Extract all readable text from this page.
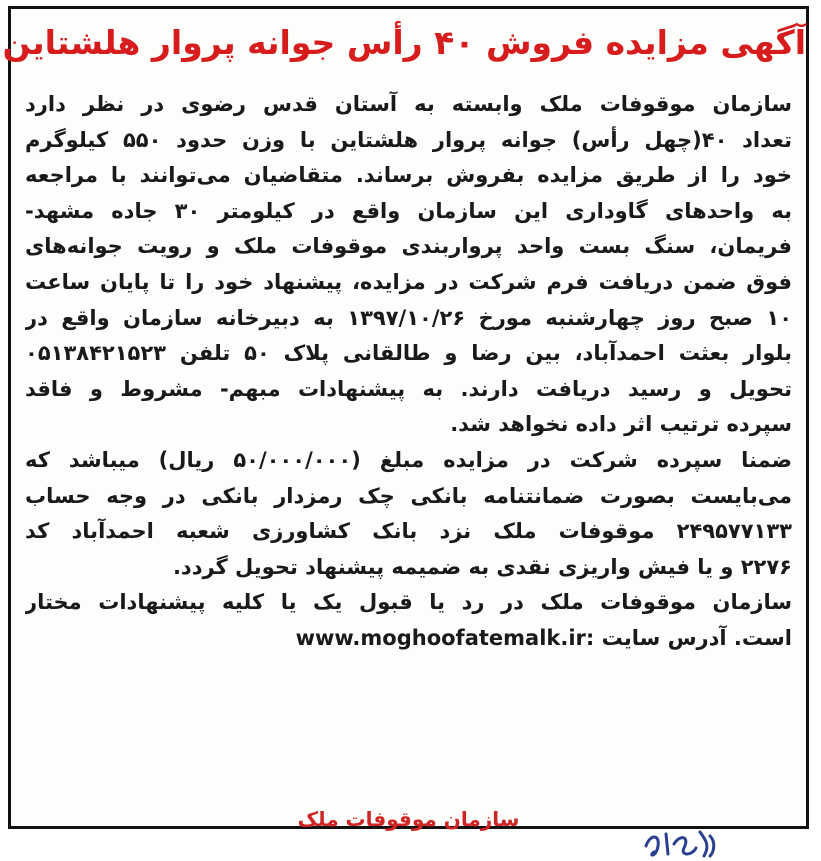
آگهی مزایده فروش ۴۰ رأس جوانه پروار هلشتاین
سازمان موقوفات ملک وابسته به آستان قدس رضوی در نظر دارد
تعداد ۴۰(چهل رأس) جوانه پروار هلشتاین با وزن حدود ۵۵۰ کیلوگرم
خود را از طریق مزایده بفروش برساند. متقاضیان می‌توانند با مراجعه
به واحدهای گاوداری این سازمان واقع در کیلومتر ۳۰ جاده مشهد-
فریمان، سنگ بست واحد پرواربندی موقوفات ملک و رویت جوانه‌های
فوق ضمن دریافت فرم شرکت در مزایده، پیشنهاد خود را تا پایان ساعت
۱۰ صبح روز چهارشنبه مورخ ۱۳۹۷/۱۰/۲۶ به دبیرخانه سازمان واقع در
بلوار بعثت احمدآباد، بین رضا و طالقانی پلاک ۵۰ تلفن ۰۵۱۳۸۴۲۱۵۲۳
تحویل و رسید دریافت دارند. به پیشنهادات مبهم- مشروط و فاقد
سپرده ترتیب اثر داده نخواهد شد.
ضمنا سپرده شرکت در مزایده مبلغ (۵۰/۰۰۰/۰۰۰ ریال) میباشد که
می‌بایست بصورت ضمانتنامه بانکی چک رمزدار بانکی در وجه حساب
۲۴۹۵۷۷۱۳۳ موقوفات ملک نزد بانک کشاورزی شعبه احمدآباد کد
۲۲۷۶ و یا فیش واریزی نقدی به ضمیمه پیشنهاد تحویل گردد.
سازمان موقوفات ملک در رد یا قبول یک یا کلیه پیشنهادات مختار
است. آدرس سایت :www.moghoofatemalk.ir
سازمان موقوفات ملک
